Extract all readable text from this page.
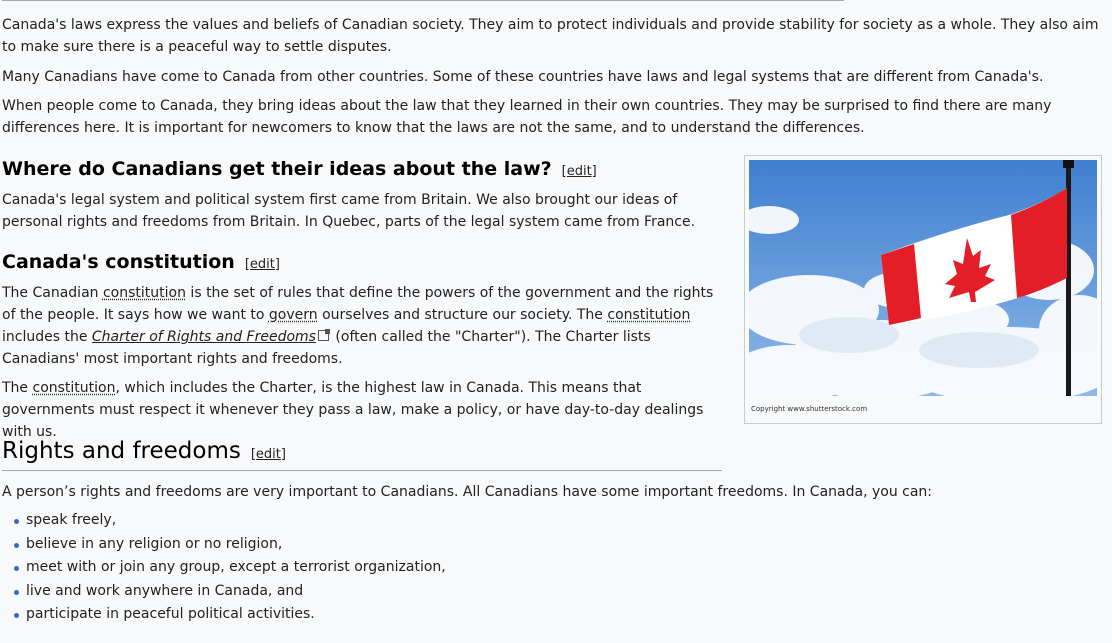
Canada's laws express the values and beliefs of Canadian society. They aim to protect individuals and provide stability for society as a whole. They also aim to make sure there is a peaceful way to settle disputes.

Many Canadians have come to Canada from other countries. Some of these countries have laws and legal systems that are different from Canada's.

When people come to Canada, they bring ideas about the law that they learned in their own countries. They may be surprised to find there are many differences here. It is important for newcomers to know that the laws are not the same, and to understand the differences.

Where do Canadians get their ideas about the law? [edit]

Canada's legal system and political system first came from Britain. We also brought our ideas of personal rights and freedoms from Britain. In Quebec, parts of the legal system came from France.

Canada's constitution [edit]

The Canadian constitution is the set of rules that define the powers of the government and the rights of the people. It says how we want to govern ourselves and structure our society. The constitution includes the Charter of Rights and Freedoms (often called the "Charter"). The Charter lists Canadians' most important rights and freedoms.

The constitution, which includes the Charter, is the highest law in Canada. This means that governments must respect it whenever they pass a law, make a policy, or have day-to-day dealings with us.

Copyright www.shutterstock.com
Rights and freedoms [edit]

A person’s rights and freedoms are very important to Canadians. All Canadians have some important freedoms. In Canada, you can:

speak freely,
believe in any religion or no religion,
meet with or join any group, except a terrorist organization,
live and work anywhere in Canada, and
participate in peaceful political activities.
